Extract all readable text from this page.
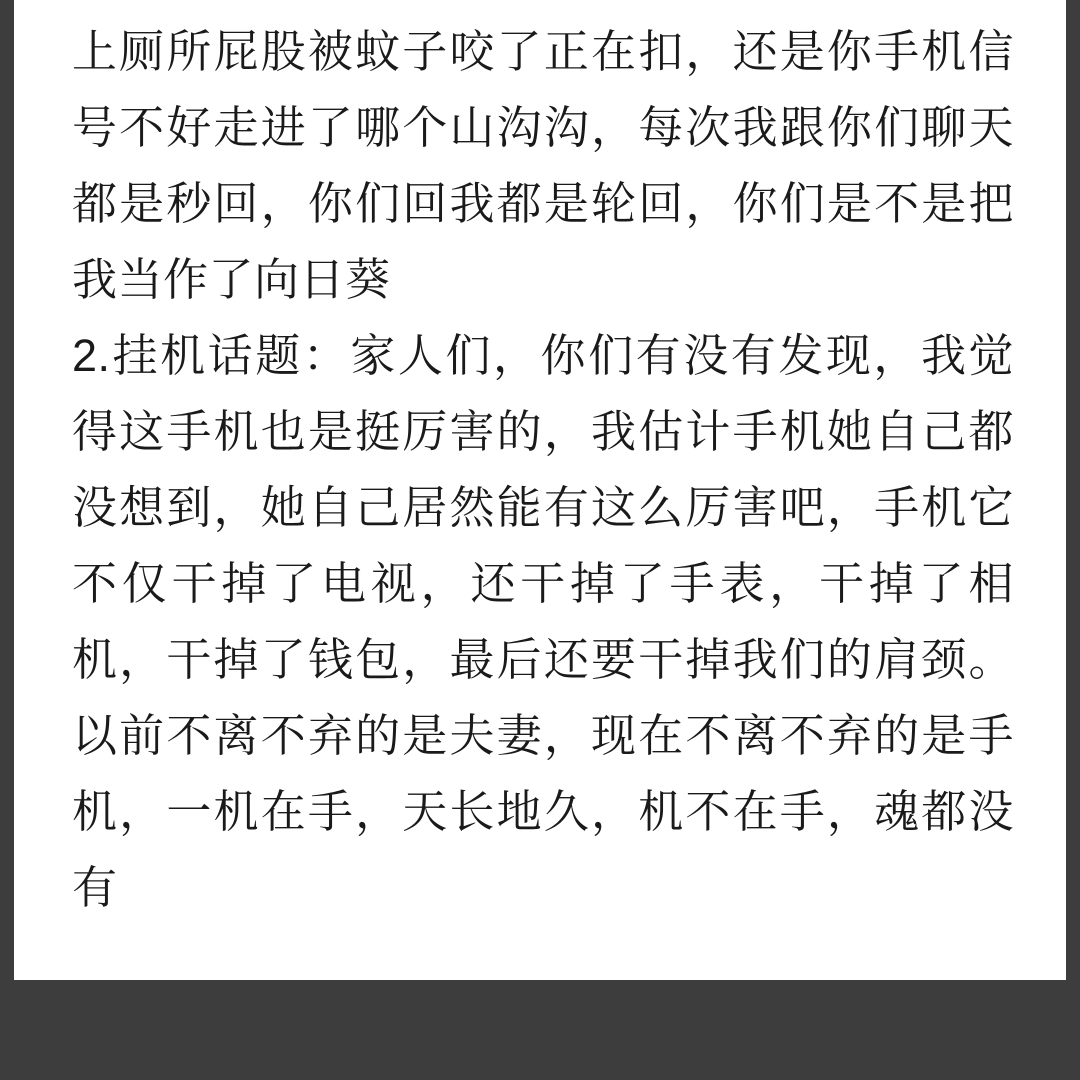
上厕所屁股被蚊子咬了正在扣，还是你手机信号不好走进了哪个山沟沟，每次我跟你们聊天都是秒回，你们回我都是轮回，你们是不是把我当作了向日葵

2.挂机话题：家人们，你们有没有发现，我觉得这手机也是挺厉害的，我估计手机她自己都没想到，她自己居然能有这么厉害吧，手机它不仅干掉了电视，还干掉了手表，干掉了相机，干掉了钱包，最后还要干掉我们的肩颈。以前不离不弃的是夫妻，现在不离不弃的是手机，一机在手，天长地久，机不在手，魂都没有
